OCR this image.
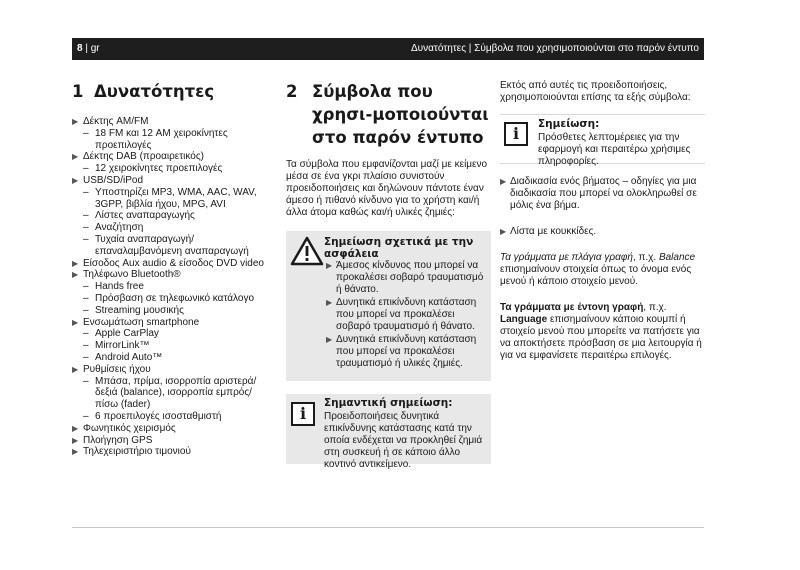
8 | gr	Δυνατότητες | Σύμβολα που χρησιμοποιούνται στο παρόν έντυπο
1 Δυνατότητες
▶ Δέκτης AM/FM
– 18 FM και 12 AM χειροκίνητες προεπιλογές
▶ Δέκτης DAB (προαιρετικός)
– 12 χειροκίνητες προεπιλογές
▶ USB/SD/iPod
– Υποστηρίζει MP3, WMA, AAC, WAV, 3GPP, βιβλία ήχου, MPG, AVI
– Λίστες αναπαραγωγής
– Αναζήτηση
– Τυχαία αναπαραγωγή/επαναλαμβανόμενη αναπαραγωγή
▶ Είσοδος Aux audio & είσοδος DVD video
▶ Τηλέφωνο Bluetooth®
– Hands free
– Πρόσβαση σε τηλεφωνικό κατάλογο
– Streaming μουσικής
▶ Ενσωμάτωση smartphone
– Apple CarPlay
– MirrorLink™
– Android Auto™
▶ Ρυθμίσεις ήχου
– Μπάσα, πρίμα, ισορροπία αριστερά/δεξιά (balance), ισορροπία εμπρός/πίσω (fader)
– 6 προεπιλογές ισοσταθμιστή
▶ Φωνητικός χειρισμός
▶ Πλοήγηση GPS
▶ Τηλεχειριστήριο τιμονιού
2 Σύμβολα που χρησι-μοποιούνται στο παρόν έντυπο

Τα σύμβολα που εμφανίζονται μαζί με κείμενο μέσα σε ένα γκρι πλαίσιο συνιστούν προειδοποιήσεις και δηλώνουν πάντοτε έναν άμεσο ή πιθανό κίνδυνο για το χρήστη και/ή άλλα άτομα καθώς και/ή υλικές ζημιές:

Σημείωση σχετικά με την ασφάλεια
▶ Άμεσος κίνδυνος που μπορεί να προκαλέσει σοβαρό τραυματισμό ή θάνατο.
▶ Δυνητικά επικίνδυνη κατάσταση που μπορεί να προκαλέσει σοβαρό τραυματισμό ή θάνατο.
▶ Δυνητικά επικίνδυνη κατάσταση που μπορεί να προκαλέσει τραυματισμό ή υλικές ζημιές.
i
Σημαντική σημείωση:
Προειδοποιήσεις δυνητικά επικίνδυνης κατάστασης κατά την οποία ενδέχεται να προκληθεί ζημιά στη συσκευή ή σε κάποιο άλλο κοντινό αντικείμενο.

Εκτός από αυτές τις προειδοποιήσεις, χρησιμοποιούνται επίσης τα εξής σύμβολα:

i	Σημείωση:
Πρόσθετες λεπτομέρειες για την εφαρμογή και περαιτέρω χρήσιμες πληροφορίες.
▶ Διαδικασία ενός βήματος – οδηγίες για μια διαδικασία που μπορεί να ολοκληρωθεί σε μόλις ένα βήμα.
▶ Λίστα με κουκκίδες.

Τα γράμματα με πλάγια γραφή, π.χ. Balance επισημαίνουν στοιχεία όπως το όνομα ενός μενού ή κάποιο στοιχείο μενού.

Τα γράμματα με έντονη γραφή, π.χ. Language επισημαίνουν κάποιο κουμπί ή στοιχείο μενού που μπορείτε να πατήσετε για να αποκτήσετε πρόσβαση σε μια λειτουργία ή για να εμφανίσετε περαιτέρω επιλογές.
